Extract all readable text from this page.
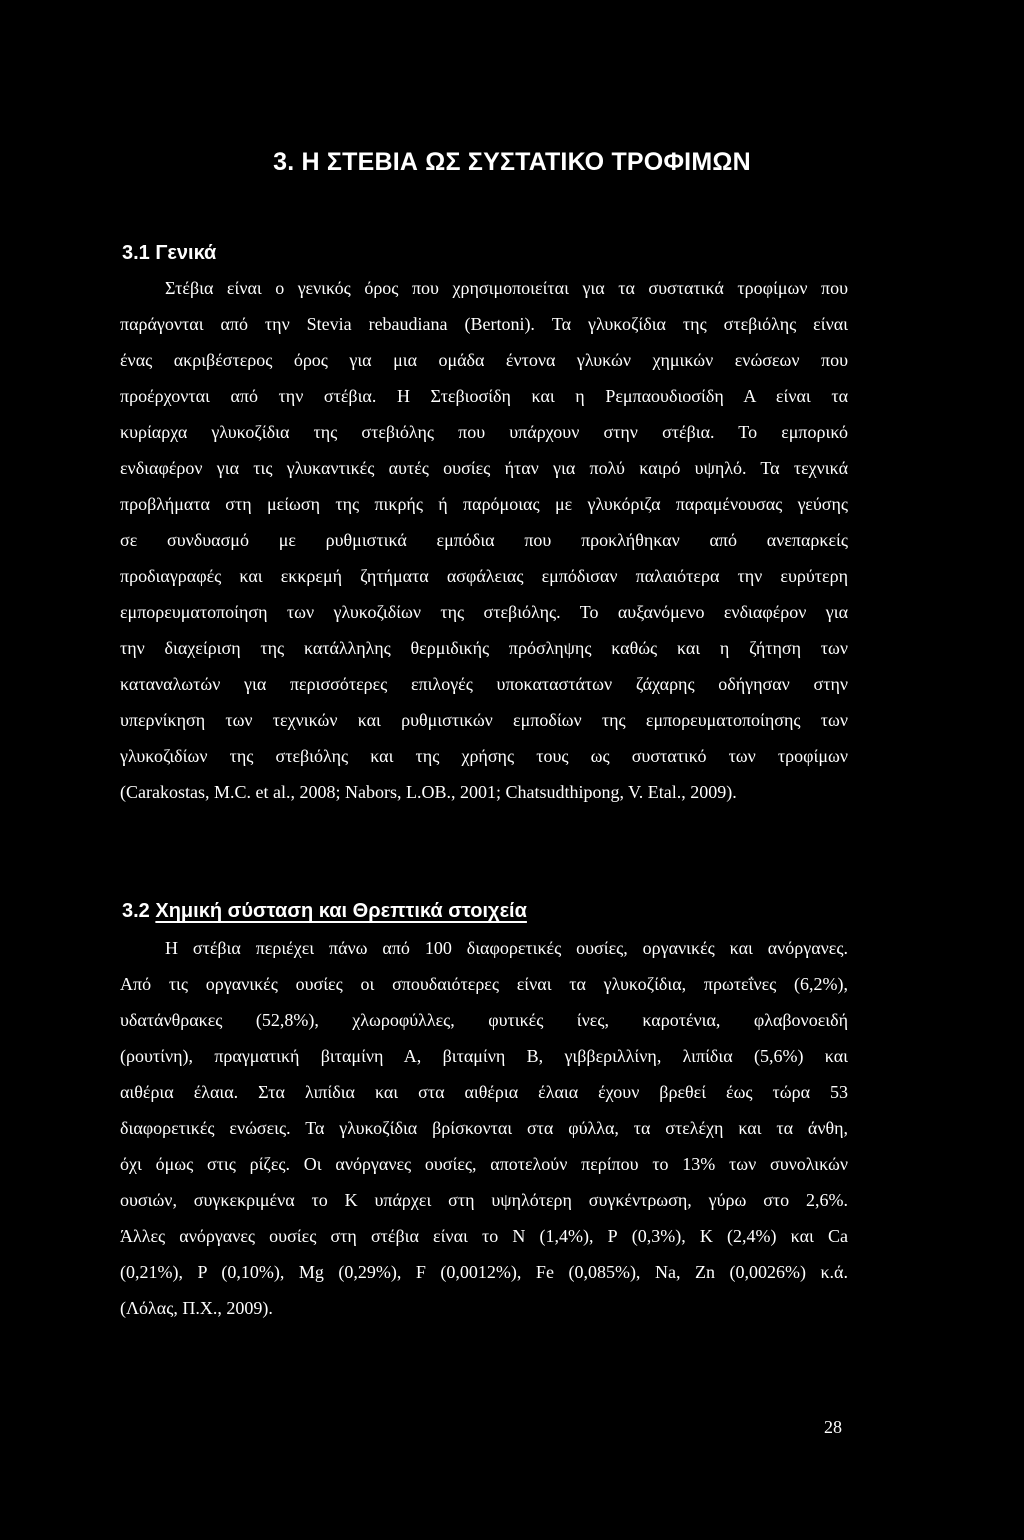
3. Η ΣΤΕΒΙΑ ΩΣ ΣΥΣΤΑΤΙΚΟ ΤΡΟΦΙΜΩΝ
3.1 Γενικά
Στέβια είναι ο γενικός όρος που χρησιμοποιείται για τα συστατικά τροφίμων που
παράγονται από την Stevia rebaudiana (Bertoni). Τα γλυκοζίδια της στεβιόλης είναι
ένας ακριβέστερος όρος για μια ομάδα έντονα γλυκών χημικών ενώσεων που
προέρχονται από την στέβια. Η Στεβιοσίδη και η Ρεμπαουδιοσίδη Α είναι τα
κυρίαρχα γλυκοζίδια της στεβιόλης που υπάρχουν στην στέβια. Το εμπορικό
ενδιαφέρον για τις γλυκαντικές αυτές ουσίες ήταν για πολύ καιρό υψηλό. Τα τεχνικά
προβλήματα στη μείωση της πικρής ή παρόμοιας με γλυκόριζα παραμένουσας γεύσης
σε συνδυασμό με ρυθμιστικά εμπόδια που προκλήθηκαν από ανεπαρκείς
προδιαγραφές και εκκρεμή ζητήματα ασφάλειας εμπόδισαν παλαιότερα την ευρύτερη
εμπορευματοποίηση των γλυκοζιδίων της στεβιόλης. Το αυξανόμενο ενδιαφέρον για
την διαχείριση της κατάλληλης θερμιδικής πρόσληψης καθώς και η ζήτηση των
καταναλωτών για περισσότερες επιλογές υποκαταστάτων ζάχαρης οδήγησαν στην
υπερνίκηση των τεχνικών και ρυθμιστικών εμποδίων της εμπορευματοποίησης των
γλυκοζιδίων της στεβιόλης και της χρήσης τους ως συστατικό των τροφίμων
(Carakostas, M.C. et al., 2008; Nabors, L.OB., 2001; Chatsudthipong, V. Etal., 2009).
3.2 Χημική σύσταση και Θρεπτικά στοιχεία
Η στέβια περιέχει πάνω από 100 διαφορετικές ουσίες, οργανικές και ανόργανες.
Από τις οργανικές ουσίες οι σπουδαιότερες είναι τα γλυκοζίδια, πρωτεΐνες (6,2%),
υδατάνθρακες (52,8%), χλωροφύλλες, φυτικές ίνες, καροτένια, φλαβονοειδή
(ρουτίνη), πραγματική βιταμίνη Α, βιταμίνη Β, γιββεριλλίνη, λιπίδια (5,6%) και
αιθέρια έλαια. Στα λιπίδια και στα αιθέρια έλαια έχουν βρεθεί έως τώρα 53
διαφορετικές ενώσεις. Τα γλυκοζίδια βρίσκονται στα φύλλα, τα στελέχη και τα άνθη,
όχι όμως στις ρίζες. Οι ανόργανες ουσίες, αποτελούν περίπου το 13% των συνολικών
ουσιών, συγκεκριμένα το Κ υπάρχει στη υψηλότερη συγκέντρωση, γύρω στο 2,6%.
Άλλες ανόργανες ουσίες στη στέβια είναι το Ν (1,4%), Ρ (0,3%), Κ (2,4%) και Ca
(0,21%), P (0,10%), Mg (0,29%), F (0,0012%), Fe (0,085%), Na, Zn (0,0026%) κ.ά.
(Λόλας, Π.Χ., 2009).
28
